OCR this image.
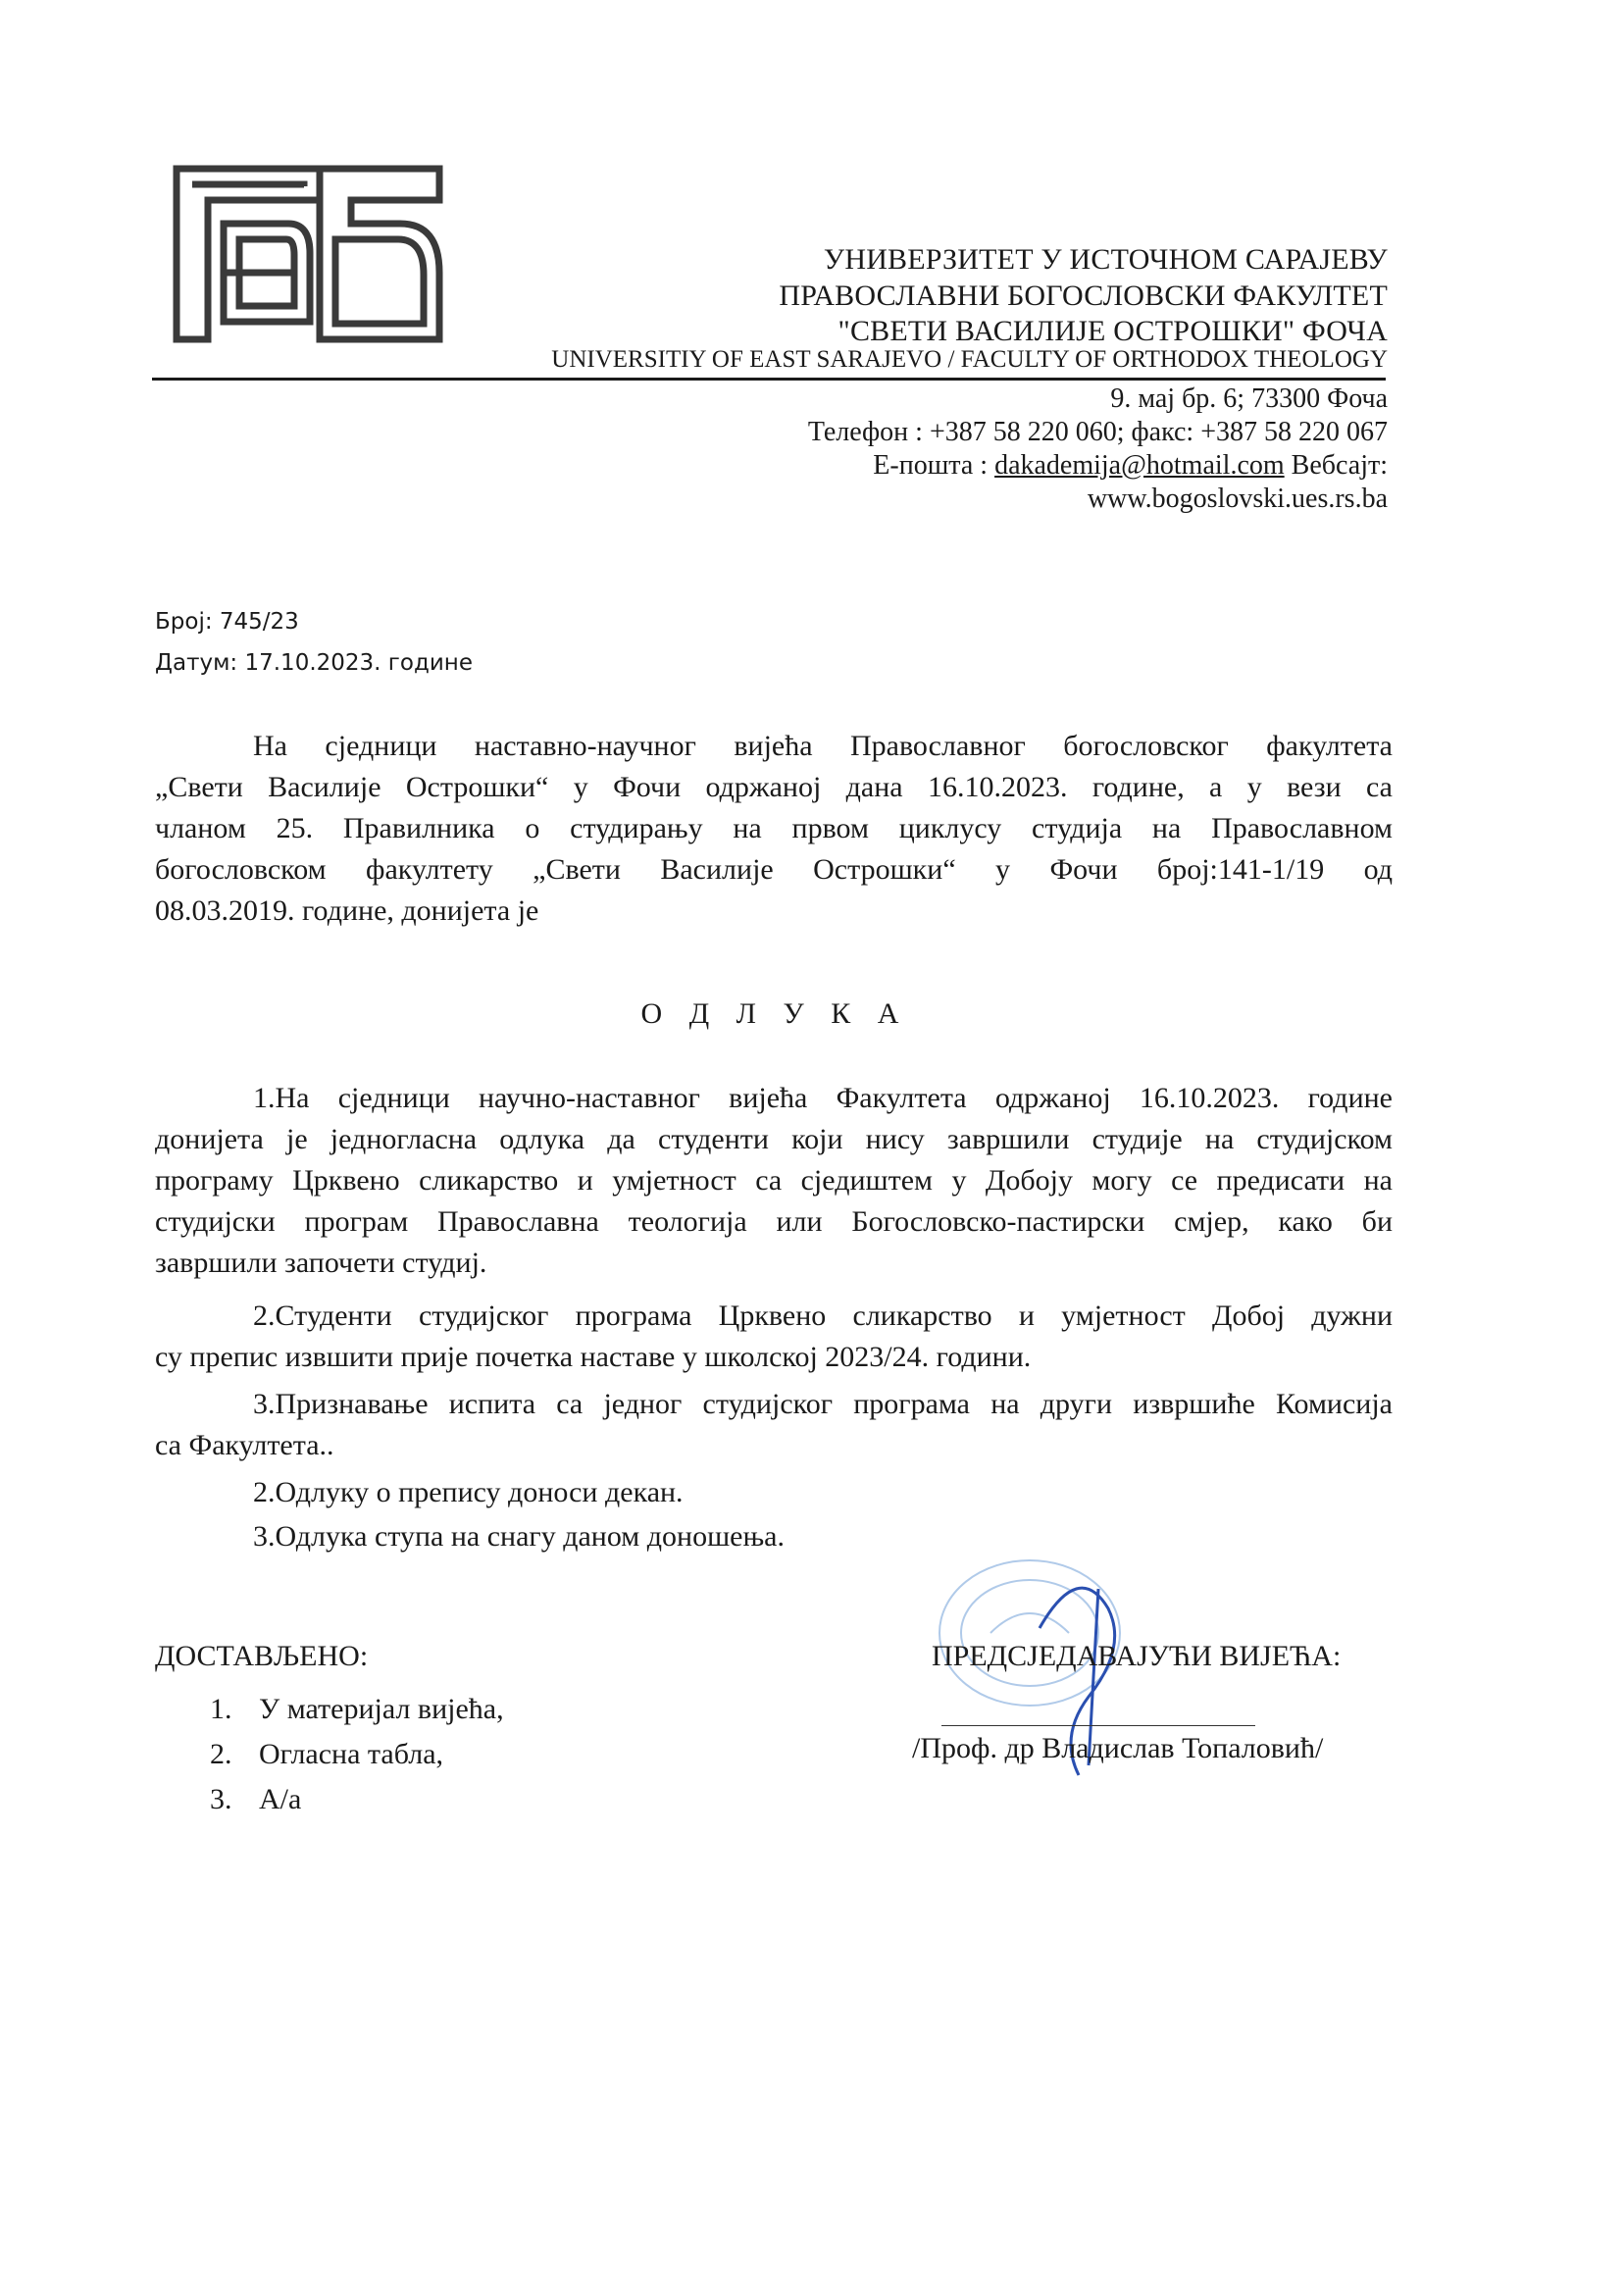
УНИВЕРЗИТЕТ У ИСТОЧНОМ САРАЈЕВУ
ПРАВОСЛАВНИ БОГОСЛОВСКИ ФАКУЛТЕТ
"СВЕТИ ВАСИЛИЈЕ ОСТРОШКИ" ФОЧА
UNIVERSITIY OF EAST SARAJEVO / FACULTY OF ORTHODOX THEOLOGY
9. мај бр. 6; 73300 Фоча
Телефон : +387 58 220 060; факс: +387 58 220 067
Е-пошта : dakademija@hotmail.com Вебсајт:
www.bogoslovski.ues.rs.ba
Број: 745/23
Датум: 17.10.2023. године
На сједници наставно-научног вијећа Православног богословског факултета
„Свети Василије Острошки“ у Фочи одржаној дана 16.10.2023. године, а у вези са
чланом 25. Правилника о студирању на првом циклусу студија на Православном
богословском факултету „Свети Василије Острошки“ у Фочи број:141-1/19 од
08.03.2019. године, донијета је
О Д Л У К А
1.На сједници научно-наставног вијећа Факултета одржаној 16.10.2023. године
донијета је једногласна одлука да студенти који нису завршили студије на студијском
програму Црквено сликарство и умјетност са сједиштем у Добоју могу се предисати на
студијски програм Православна теологија или Богословско-пастирски смјер, како би
завршили започети студиј.
2.Студенти студијског програма Црквено сликарство и умјетност Добој дужни
су препис извшити прије почетка наставе у школској 2023/24. години.
3.Признавање испита са једног студијског програма на други извршиће Комисија
са Факултета..
2.Одлуку о препису доноси декан.
3.Одлука ступа на снагу даном доношења.
ДОСТАВЉЕНО:
1. У материјал вијећа,
2. Огласна табла,
3. А/а
ПРЕДСЈЕДАВАЈУЋИ ВИЈЕЋА:
/Проф. др Владислав Топаловић/
